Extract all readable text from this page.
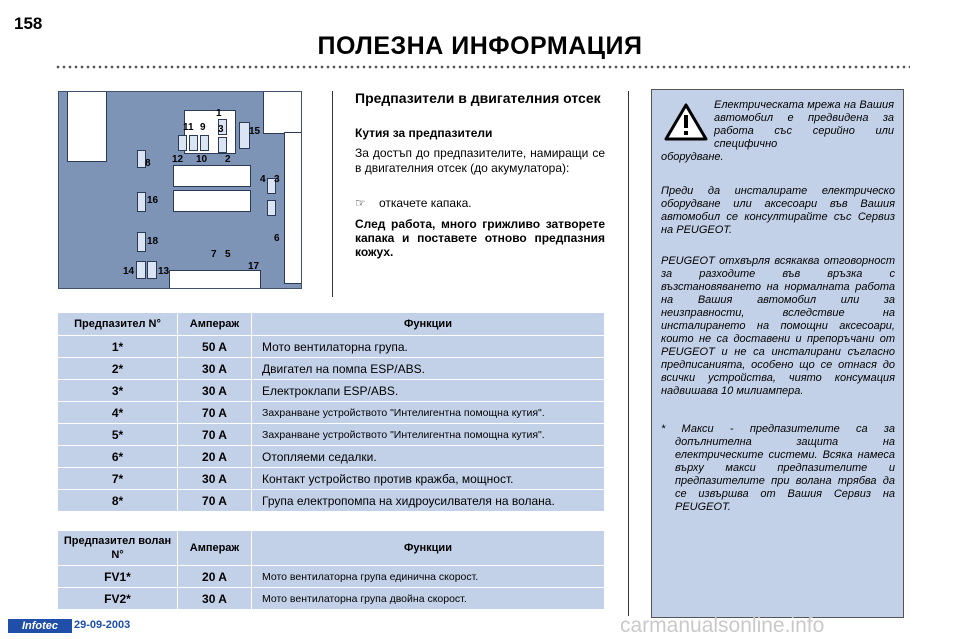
158
ПОЛЕЗНА ИНФОРМАЦИЯ
1
11 9 3	15
12 10 2
8
16
4 3
6
18
7 5
17
14 13
Предпазители в двигателния отсек
Кутия за предпазители
За достъп до предпазителите, намиращи се в двигателния отсек (до акумулатора):
☞ откачете капака.
След работа, много грижливо затворете капака и поставете отново предпазния кожух.
Електрическата мрежа на Вашия автомобил е предвидена за работа със серийно или специфично
оборудване.
Преди да инсталирате електрическо оборудване или аксесоари във Вашия автомобил се консултирайте със Сервиз на PEUGEOT.
PEUGEOT отхвърля всякаква отговорност за разходите във връзка с възстановяването на нормалната работа на Вашия автомобил или за неизправности, вследствие на инсталирането на помощни аксесоари, които не са доставени и препоръчани от PEUGEOT и не са инсталирани съгласно предписанията, особено що се отнася до всички устройства, чиято консумация надвишава 10 милиампера.
* Макси - предпазителите са за допълнителна защита на електрическите системи. Всяка намеса върху макси предпазителите и предпазителите при волана трябва да се извършва от Вашия Сервиз на PEUGEOT.
Предпазител N°	Ампераж	Функции
1*	50 A	Мото вентилаторна група.
2*	30 A	Двигател на помпа ESP/ABS.
3*	30 A	Електроклапи ESP/ABS.
4*	70 A	Захранване устройството "Интелигентна помощна кутия".
5*	70 A	Захранване устройството "Интелигентна помощна кутия".
6*	20 A	Отопляеми седалки.
7*	30 A	Контакт устройство против кражба, мощност.
8*	70 A	Група електропомпа на хидроусилвателя на волана.
Предпазител волан N°	Ампераж	Функции
FV1*	20 A	Мото вентилаторна група единична скорост.
FV2*	30 A	Мото вентилаторна група двойна скорост.
Infotec	29-09-2003	carmanualsonline.info
